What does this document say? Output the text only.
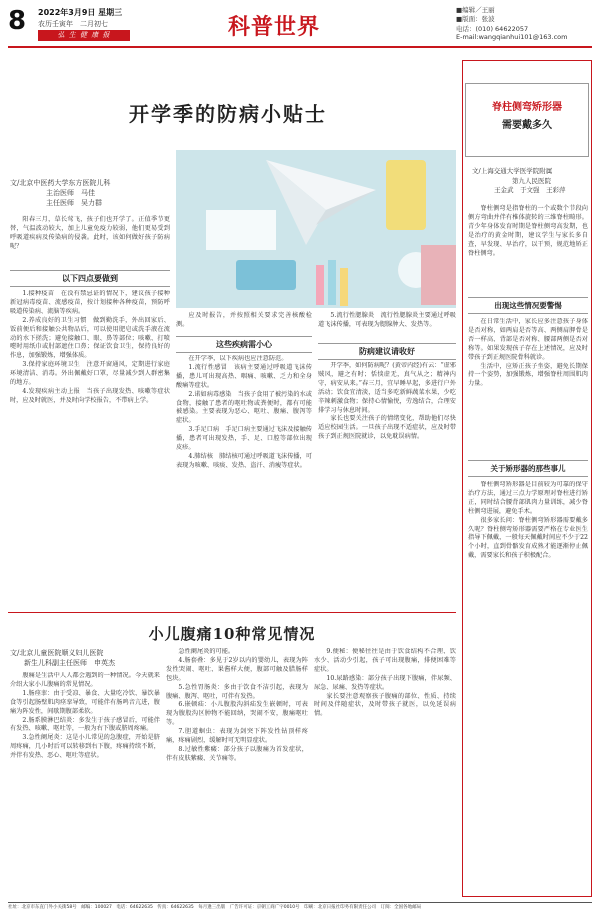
8 2022年3月9日 星期三
农历壬寅年　二月初七
弘 生 健 康 报	科普世界
■编辑／王丽
■版面：张波
电话：(010) 64622057
E-mail:wangqianhui101@163.com
开学季的防病小贴士
文/北京中医药大学东方医院儿科
主治医师　马佳
主任医师　吴力群

阳春三月，草长莺飞，孩子们也开学了。正值季节更替，气温波动较大，加上儿童免疫力较弱，他们更易受到呼吸道疾病及传染病的侵袭。此时，该如何做好孩子防病呢？

以下四点要做到

1.接种疫苗　在没有禁忌证的情况下，建议孩子接种新冠病毒疫苗、流感疫苗，按计划接种各种疫苗，预防呼吸道传染病、流脑等疾病。

2.养成良好的卫生习惯　做到勤洗手，外出回家后、饭前便后和接触公共物品后，可以使用肥皂或洗手液在流动的水下搓洗；避免接触口、眼、鼻等部位；咳嗽、打喷嚏时用纸巾或肘部遮住口鼻；保证饮食卫生，保持良好的作息，加强锻炼，增强体质。

3.保持家庭环境卫生　注意开窗通风，定期进行家庭环境清洁、消毒。外出佩戴好口罩，尽量减少到人群密集的地方。

4.发现疾病主动上报　当孩子出现发热、咳嗽等症状时，应及时就医，并及时向学校报告，不带病上学。

应及时报告，并按照相关要求完善核酸检测。

这些疾病需小心

在开学季，以下疾病也应注意防范。

1.流行性感冒　该病主要通过呼吸道飞沫传播，患儿可出现高热、咽痛、咳嗽、乏力和全身酸痛等症状。

2.诺如病毒感染　当孩子食用了被污染的水或食物，接触了患者的呕吐物或粪便时，都有可能被感染。主要表现为恶心、呕吐、腹痛、腹泻等症状。

3.手足口病　手足口病主要通过飞沫及接触传播，患者可出现发热，手、足、口腔等部位出现皮疹。

4.肺结核　肺结核可通过呼吸道飞沫传播，可表现为咳嗽、咳痰、发热、盗汗、消瘦等症状。

5.流行性腮腺炎　流行性腮腺炎主要通过呼吸道飞沫传播，可表现为腮腺肿大、发热等。

防病建议请收好

开学季，如何防病呢？(黄帝内经)有云：“虚邪贼风，避之有时；恬惔虚无，真气从之；精神内守，病安从来。”春三月，宜早睡早起，多进行户外活动；饮食宜清淡，适当多吃新鲜蔬菜水果，少吃辛辣刺激食物；保持心情愉悦，劳逸结合，合理安排学习与休息时间。

家长也要关注孩子的情绪变化，帮助他们尽快适应校园生活。一旦孩子出现不适症状，应及时带孩子到正规医院就诊，以免耽误病情。

小儿腹痛10种常见情况
文/北京儿童医院顺义妇儿医院
新生儿科副主任医师　申英杰

腹痛是生活中人人都会遇到的一种情况。今天就来介绍大家小儿腹痛的常见情况。

1.肠痉挛：由于受凉、暴食、大量吃冷饮、暴饮暴食等引起肠壁肌肉痉挛导致，可能伴有肠鸣音亢进，腹痛为阵发性，间歇期腹部柔软。

2.肠系膜淋巴结炎：多发生于孩子感冒后，可能伴有发热、咳嗽、呕吐等，一般为右下腹或脐周疼痛。

3.急性阑尾炎：这是小儿常见的急腹症，开始是脐周疼痛，几小时后可以转移到右下腹，疼痛持续不断，并伴有发热、恶心、呕吐等症状。

急性阑尾炎的可能。

4.肠套叠：多见于2岁以内的婴幼儿，表现为阵发性哭闹、呕吐、果酱样大便，腹部可触及腊肠样包块。

5.急性胃肠炎：多由于饮食不洁引起，表现为腹痛、腹泻、呕吐，可伴有发热。

6.嵌顿疝：小儿腹股沟斜疝发生嵌顿时，可表现为腹股沟区肿物不能回纳，哭闹不安，腹痛呕吐等。

7.胆道蛔虫：表现为剑突下阵发性钻顶样疼痛，疼痛剧烈，缓解时可无明显症状。

8.过敏性紫癜：部分孩子以腹痛为首发症状，伴有皮肤紫癜、关节痛等。

9.便秘：便秘往往是由于饮食结构不合理、饮水少、活动少引起，孩子可出现腹痛，排便困难等症状。

10.尿路感染：部分孩子出现下腹痛，伴尿频、尿急、尿痛、发热等症状。

家长要注意观察孩子腹痛的部位、性质、持续时间及伴随症状，及时带孩子就医，以免延误病情。

脊柱侧弯矫形器
需要戴多久
文/上海交通大学医学院附属
第九人民医院
王金武　于文强　王彩萍

脊柱侧弯是指脊柱的一个或数个节段向侧方弯曲并伴有椎体旋转的三维脊柱畸形。青少年身体发育时期是脊柱侧弯高发期，也是治疗的黄金时期，建议学生与家长多自查，早发现、早治疗，以干预，规范地矫正脊柱侧弯。

出现这些情况要警惕

在日常生活中，家长应多注意孩子身体是否对称，如两肩是否等高、两侧肩胛骨是否一样高、背部是否对称、腰部两侧是否对称等。如果发现孩子存在上述情况，应及时带孩子到正规医院骨科就诊。

生活中，应矫正孩子坐姿，避免长期保持一个姿势，加强锻炼，增强脊柱周围肌肉力量。

关于矫形器的那些事儿

脊柱侧弯矫形器是目前较为可靠的保守治疗方法，通过三点力学原理对脊柱进行矫正，同时结合腰背部肌肉力量训练，减少脊柱侧弯进展，避免手术。

很多家长问：脊柱侧弯矫形器需要戴多久呢？脊柱侧弯矫形器需要严格在专业医生指导下佩戴，一般每天佩戴时间应不少于22个小时，直到骨骼发育成熟才能逐渐停止佩戴，需要家长和孩子积极配合。

社址：北京市东直门外小关街58号　邮编：100027　电话：64622635　传真：64622635　每月逢三出版　广告许可证：京朝工商广字0010号　印刷：北京日报社印务有限责任公司　订阅：全国各地邮局
